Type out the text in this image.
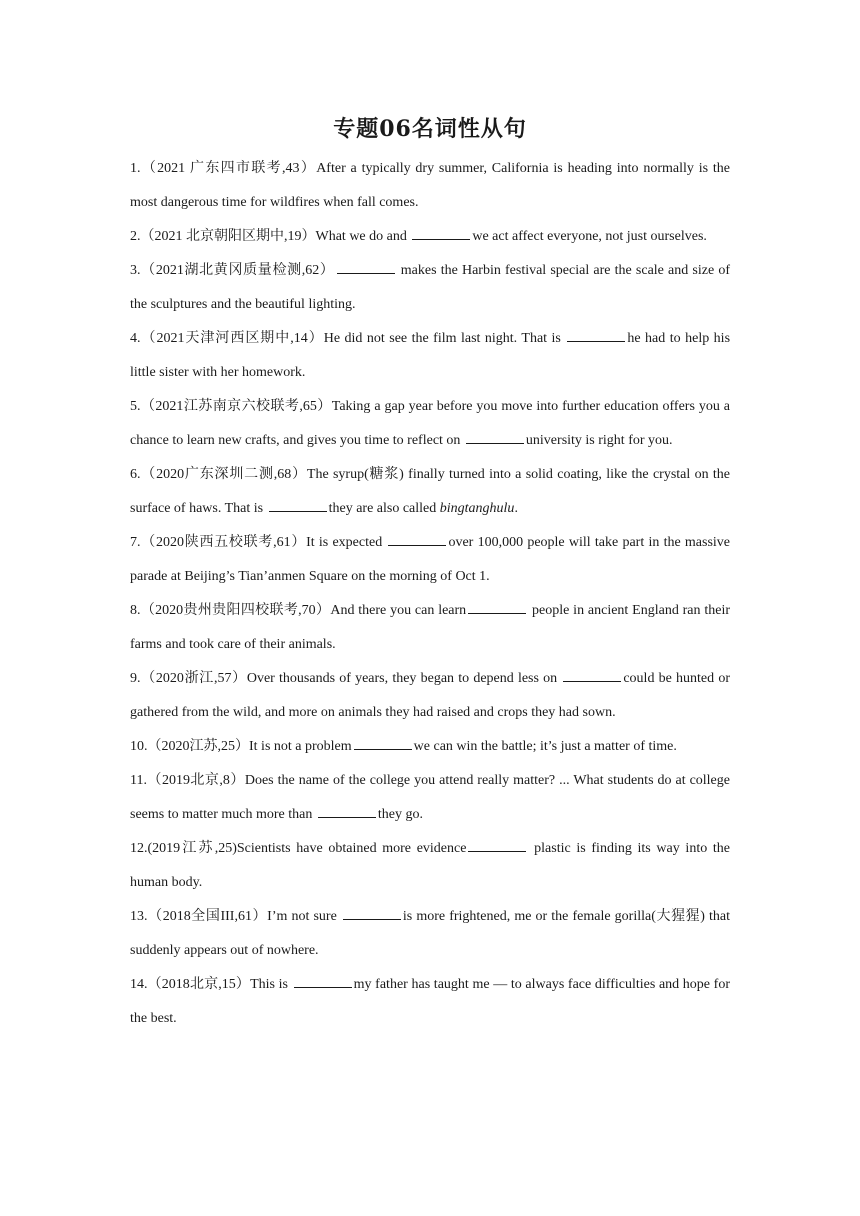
专题06名词性从句
1.（2021 广东四市联考,43）After a typically dry summer, California is heading into normally is the most dangerous time for wildfires when fall comes.
2.（2021 北京朝阳区期中,19）What we do and	we act affect everyone, not just ourselves.
3.（2021湖北黄冈质量检测,62）	makes the Harbin festival special are the scale and size of the sculptures and the beautiful lighting.
4.（2021天津河西区期中,14）He did not see the film last night. That is	he had to help his little sister with her homework.
5.（2021江苏南京六校联考,65）Taking a gap year before you move into further education offers you a chance to learn new crafts, and gives you time to reflect on	university is right for you.
6.（2020广东深圳二测,68）The syrup(糖浆) finally turned into a solid coating, like the crystal on the surface of haws. That is	they are also called bingtanghulu.
7.（2020陕西五校联考,61）It is expected	over 100,000 people will take part in the massive parade at Beijing’s Tian’anmen Square on the morning of Oct 1.
8.（2020贵州贵阳四校联考,70）And there you can learn	people in ancient England ran their farms and took care of their animals.
9.（2020浙江,57）Over thousands of years, they began to depend less on	could be hunted or gathered from the wild, and more on animals they had raised and crops they had sown.
10.（2020江苏,25）It is not a problem	we can win the battle; it’s just a matter of time.
11.（2019北京,8）Does the name of the college you attend really matter? ... What students do at college seems to matter much more than	they go.
12.(2019江苏,25)Scientists have obtained more evidence	plastic is finding its way into the human body.
13.（2018全国III,61）I’m not sure	is more frightened, me or the female gorilla(大猩猩) that suddenly appears out of nowhere.
14.（2018北京,15）This is	my father has taught me — to always face difficulties and hope for the best.
